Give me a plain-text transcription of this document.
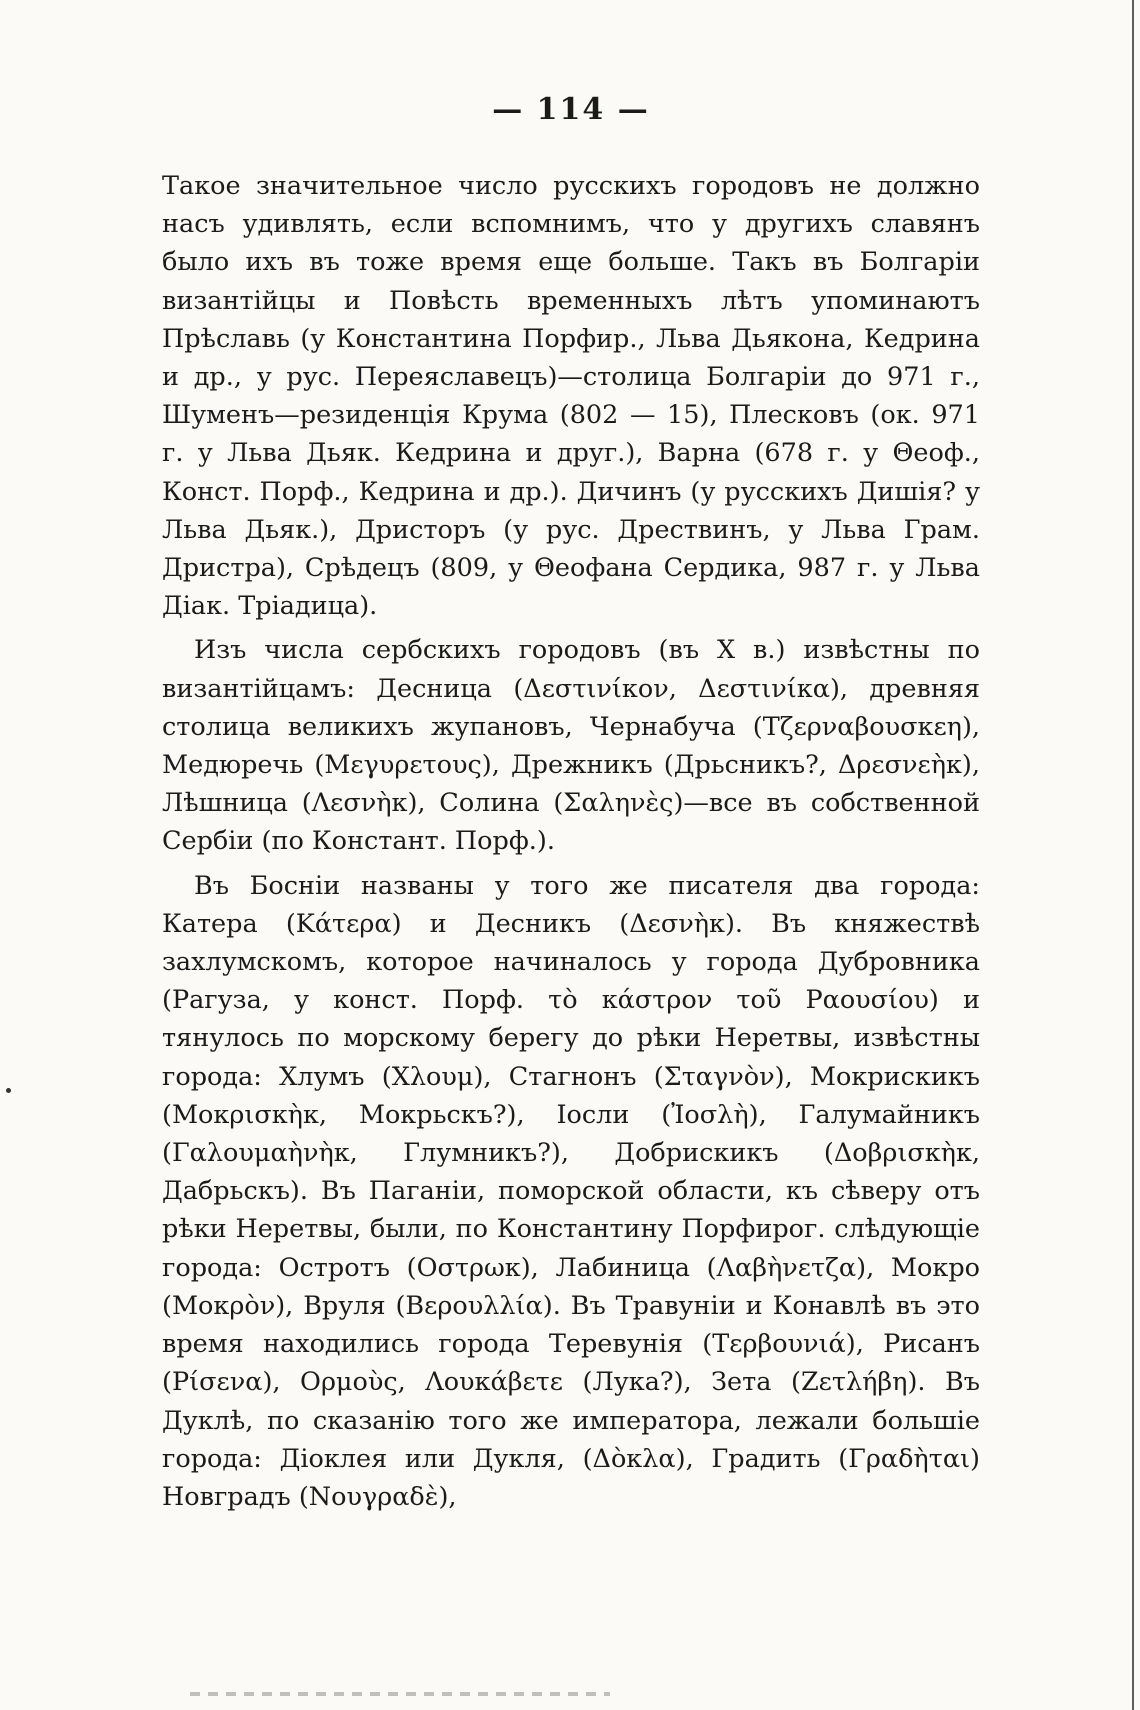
— 114 —

Такое значительное число русскихъ городовъ не должно насъ удивлять, если вспомнимъ, что у другихъ славянъ было ихъ въ тоже время еще больше. Такъ въ Болгаріи византійцы и Повѣсть временныхъ лѣтъ упоминаютъ Прѣславь (у Константина Порфир., Льва Дьякона, Кедрина и др., у рус. Переяславецъ)—столица Болгаріи до 971 г., Шуменъ—резиденція Крума (802 — 15), Плесковъ (ок. 971 г. у Льва Дьяк. Кедрина и друг.), Варна (678 г. у Θеоф., Конст. Порф., Кедрина и др.). Дичинъ (у русскихъ Дишія? у Льва Дьяк.), Дристоръ (у рус. Дрествинъ, у Льва Грам. Дристра), Срѣдецъ (809, у Θеофана Сердика, 987 г. у Льва Діак. Тріадица).

Изъ числа сербскихъ городовъ (въ X в.) извѣстны по византійцамъ: Десница (Δεστινίκον, Δεστινίκα), древняя столица великихъ жупановъ, Чернабуча (Τζερναβουσκεη), Медюречь (Μεγυρετους), Дрежникъ (Дрьсникъ?, Δρεσνεὴκ), Лѣшница (Λεσνὴκ), Солина (Σαληνὲς)—все въ собственной Сербіи (по Констант. Порф.).

Въ Босніи названы у того же писателя два города: Катера (Κάτερα) и Десникъ (Δεσνὴκ). Въ княжествѣ захлумскомъ, которое начиналось у города Дубровника (Рагуза, у конст. Порф. τὸ κάστρον τοῦ Ραουσίου) и тянулось по морскому берегу до рѣки Неретвы, извѣстны города: Хлумъ (Χλουμ), Стагнонъ (Σταγνὸν), Мокрискикъ (Μοκρισκὴκ, Мокрьскъ?), Іосли (Ἰοσλὴ), Галумайникъ (Γαλουμαὴνὴκ, Глумникъ?), Добрискикъ (Δοβρισκὴκ, Дабрьскъ). Въ Паганіи, поморской области, къ сѣверу отъ рѣки Неретвы, были, по Константину Порфирог. слѣдующіе города: Остротъ (Οστρωκ), Лабиница (Λαβὴνετζα), Мокро (Μοκρὸν), Вруля (Βερουλλία). Въ Травуніи и Конавлѣ въ это время находились города Теревунія (Τερβουνιά), Рисанъ (Ρίσενα), Ορμοὺς, Λουκάβετε (Лука?), Зета (Ζετλήβη). Въ Дуклѣ, по сказанію того же императора, лежали большіе города: Діоклея или Дукля, (Δὸκλα), Градить (Γραδὴται) Новградъ (Νουγραδὲ),
